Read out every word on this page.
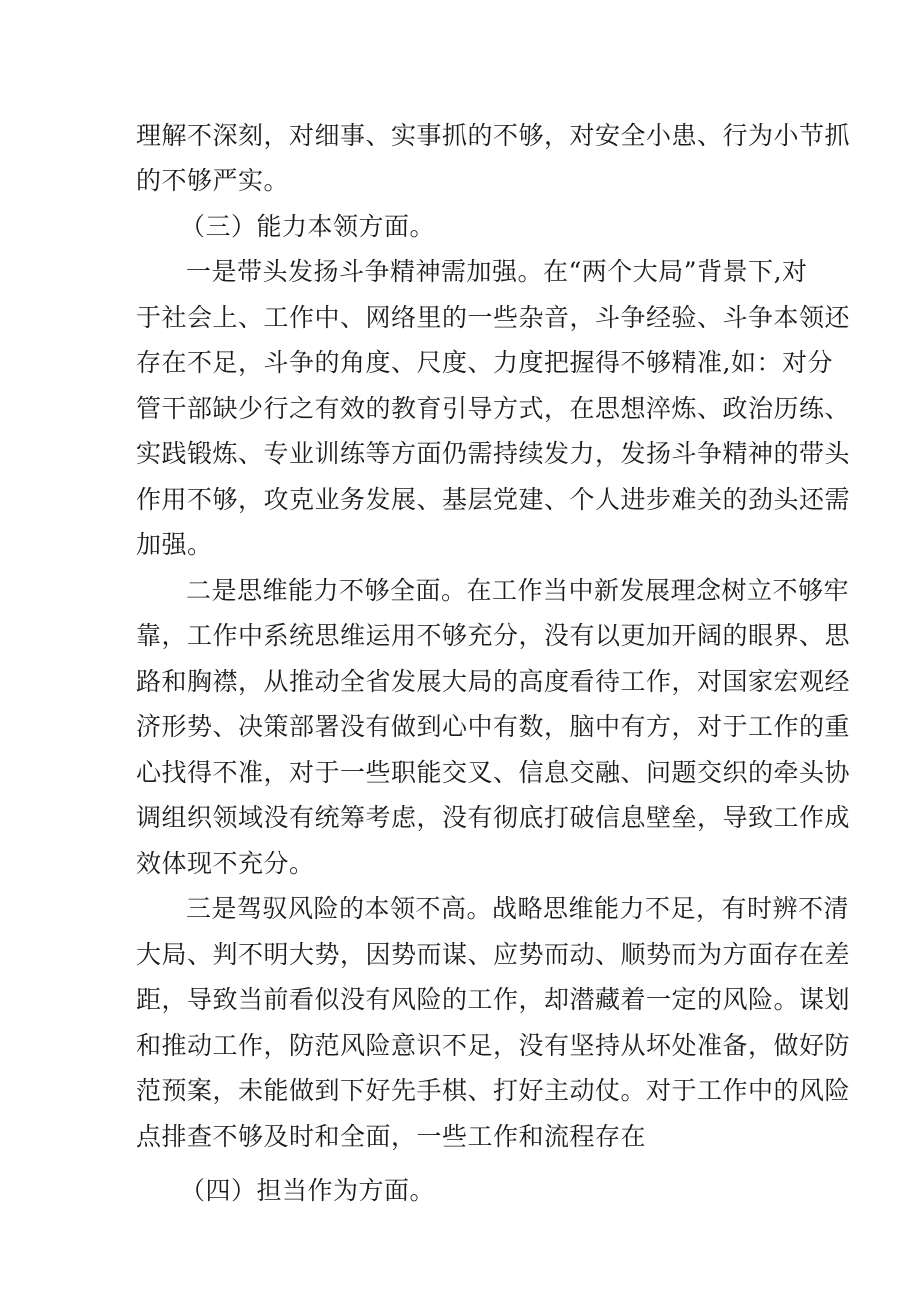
理解不深刻，对细事、实事抓的不够，对安全小患、行为小节抓
的不够严实。
（三）能力本领方面。
一是带头发扬斗争精神需加强。在“两个大局”背景下,对
于社会上、工作中、网络里的一些杂音，斗争经验、斗争本领还
存在不足，斗争的角度、尺度、力度把握得不够精准,如：对分
管干部缺少行之有效的教育引导方式，在思想淬炼、政治历练、
实践锻炼、专业训练等方面仍需持续发力，发扬斗争精神的带头
作用不够，攻克业务发展、基层党建、个人进步难关的劲头还需
加强。
二是思维能力不够全面。在工作当中新发展理念树立不够牢
靠，工作中系统思维运用不够充分，没有以更加开阔的眼界、思
路和胸襟，从推动全省发展大局的高度看待工作，对国家宏观经
济形势、决策部署没有做到心中有数，脑中有方，对于工作的重
心找得不准，对于一些职能交叉、信息交融、问题交织的牵头协
调组织领域没有统筹考虑，没有彻底打破信息壁垒，导致工作成
效体现不充分。
三是驾驭风险的本领不高。战略思维能力不足，有时辨不清
大局、判不明大势，因势而谋、应势而动、顺势而为方面存在差
距，导致当前看似没有风险的工作，却潜藏着一定的风险。谋划
和推动工作，防范风险意识不足，没有坚持从坏处准备，做好防
范预案，未能做到下好先手棋、打好主动仗。对于工作中的风险
点排查不够及时和全面，一些工作和流程存在
（四）担当作为方面。
